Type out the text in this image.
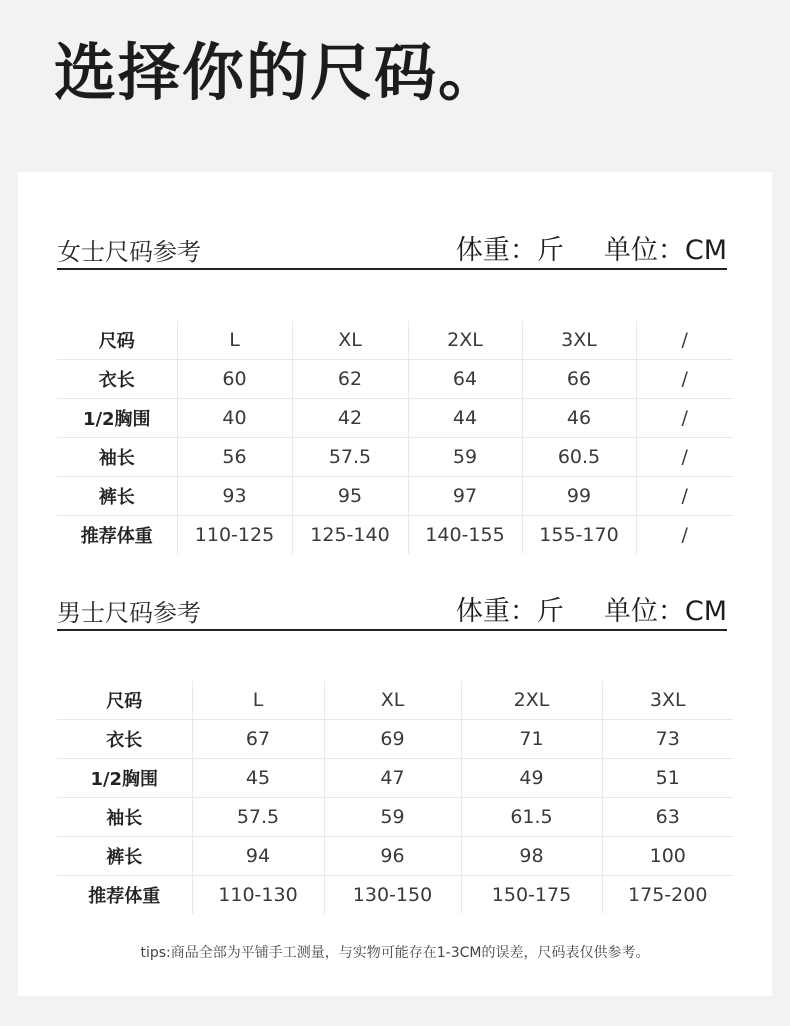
选择你的尺码。
女士尺码参考	体重：斤 单位：CM
尺码	L	XL	2XL	3XL	/
衣长	60	62	64	66	/
1/2胸围	40	42	44	46	/
袖长	56	57.5	59	60.5	/
裤长	93	95	97	99	/
推荐体重	110-125	125-140	140-155	155-170	/
男士尺码参考	体重：斤 单位：CM
尺码	L	XL	2XL	3XL
衣长	67	69	71	73
1/2胸围	45	47	49	51
袖长	57.5	59	61.5	63
裤长	94	96	98	100
推荐体重	110-130	130-150	150-175	175-200
tips:商品全部为平铺手工测量，与实物可能存在1-3CM的误差，尺码表仅供参考。
